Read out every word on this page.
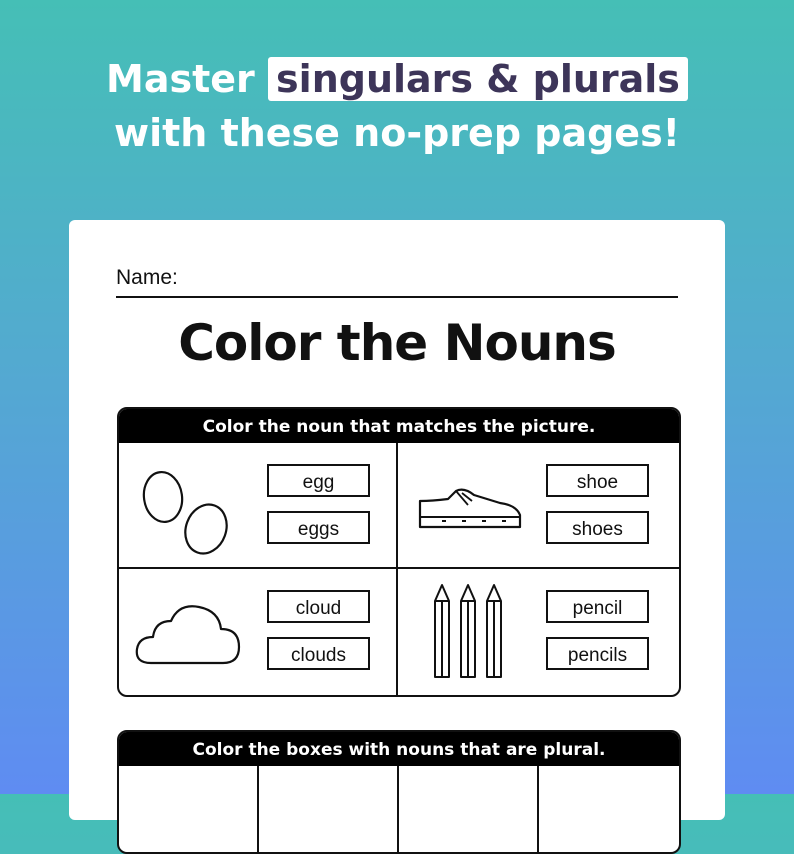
Master singulars & plurals
with these no-prep pages!
Name:
Color the Nouns
Color the noun that matches the picture.
egg
eggs
shoe
shoes
cloud
clouds
pencil
pencils
Color the boxes with nouns that are plural.
